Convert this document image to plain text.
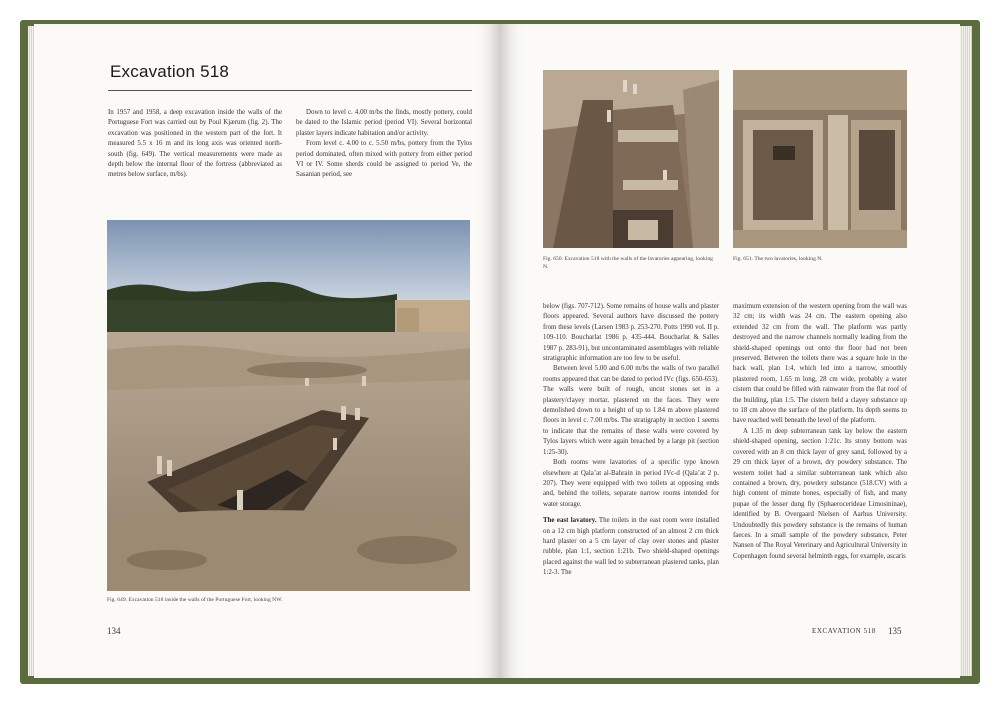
Excavation 518

In 1957 and 1958, a deep excavation inside the walls of the Portuguese Fort was carried out by Poul Kjærum (fig. 2). The excavation was positioned in the western part of the fort. It measured 5.5 x 16 m and its long axis was oriented north-south (fig. 649). The vertical measurements were made as depth below the internal floor of the fortress (abbreviated as metres below surface, m/bs).

Down to level c. 4.00 m/bs the finds, mostly pottery, could be dated to the Islamic period (period VI). Several horizontal plaster layers indicate habitation and/or activity.

From level c. 4.00 to c. 5.50 m/bs, pottery from the Tylos period dominated, often mixed with pottery from either period VI or IV. Some sherds could be assigned to period Ve, the Sasanian period, see

Fig. 649. Excavation 518 inside the walls of the Portuguese Fort, looking NW.
134
Fig. 650. Excavation 518 with the walls of the lavatories appearing, looking N.
Fig. 651. The two lavatories, looking N.

below (figs. 707-712). Some remains of house walls and plaster floors appeared. Several authors have discussed the pottery from these levels (Larsen 1983 p. 253-270. Potts 1990 vol. II p. 109-110. Boucharlat 1986 p. 435-444. Boucharlat & Salles 1987 p. 283-91), but uncontaminated assemblages with reliable stratigraphic information are too few to be useful.

Between level 5.00 and 6.00 m/bs the walls of two parallel rooms appeared that can be dated to period IVc (figs. 650-653). The walls were built of rough, uncut stones set in a plastery/clayey mortar, plastered on the faces. They were demolished down to a height of up to 1.84 m above plastered floors in level c. 7.00 m/bs. The stratigraphy in section 1 seems to indicate that the remains of these walls were covered by Tylos layers which were again breached by a large pit (section 1:25-30).

Both rooms were lavatories of a specific type known elsewhere at Qala’at al-Bahrain in period IVc-d (Qala’at 2 p. 207). They were equipped with two toilets at opposing ends and, behind the toilets, separate narrow rooms intended for water storage.

The east lavatory. The toilets in the east room were installed on a 12 cm high platform constructed of an almost 2 cm thick hard plaster on a 5 cm layer of clay over stones and plaster rubble, plan 1:1, section 1:21b. Two shield-shaped openings placed against the wall led to subterranean plastered tanks, plan 1:2-3. The

maximum extension of the western opening from the wall was 32 cm; its width was 24 cm. The eastern opening also extended 32 cm from the wall. The platform was partly destroyed and the narrow channels normally leading from the shield-shaped openings out onto the floor had not been preserved. Between the toilets there was a square hole in the back wall, plan 1:4, which led into a narrow, smoothly plastered room, 1.65 m long, 28 cm wide, probably a water cistern that could be filled with rainwater from the flat roof of the building, plan 1:5. The cistern held a clayey substance up to 18 cm above the surface of the platform. Its depth seems to have reached well beneath the level of the platform.

A 1.35 m deep subterranean tank lay below the eastern shield-shaped opening, section 1:21c. Its stony bottom was covered with an 8 cm thick layer of grey sand, followed by a 29 cm thick layer of a brown, dry powdery substance. The western toilet had a similar subterranean tank which also contained a brown, dry, powdery substance (518.CV) with a high content of minute bones, especially of fish, and many pupae of the lesser dung fly (Sphaerocerideae Limosininae), identified by B. Overgaard Nielsen of Aarhus University. Undoubtedly this powdery substance is the remains of human faeces. In a small sample of the powdery substance, Peter Nansen of The Royal Veterinary and Agricultural University in Copenhagen found several helminth eggs, for example, ascaris

EXCAVATION 518 135
